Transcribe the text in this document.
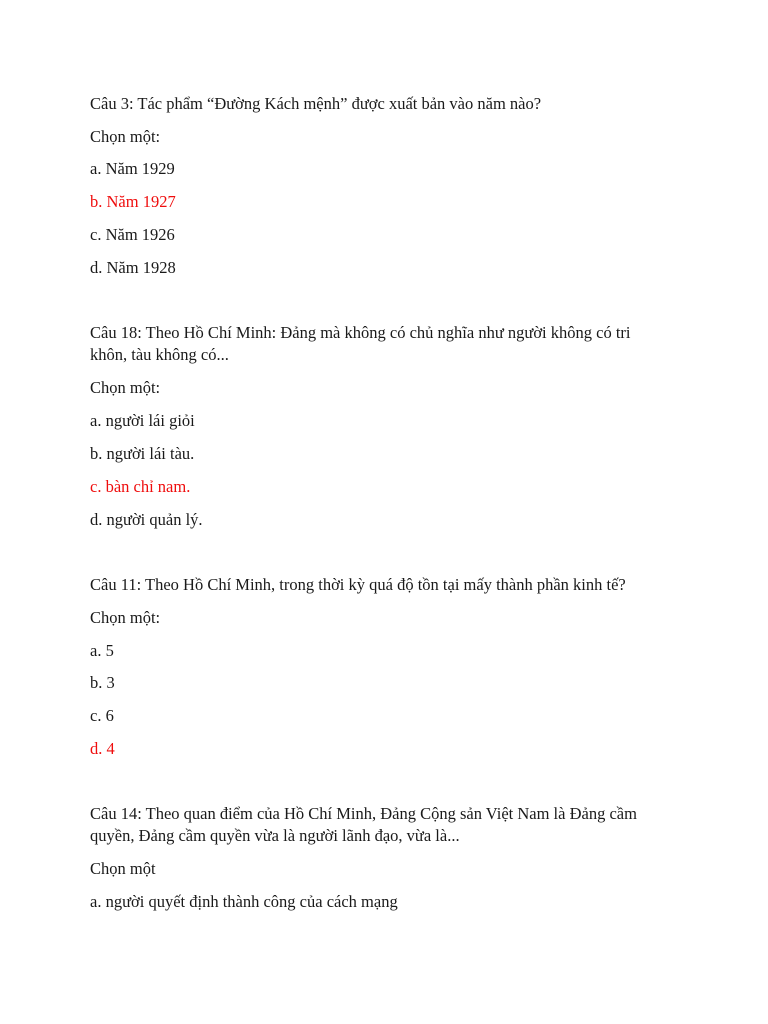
Câu 3: Tác phẩm “Đường Kách mệnh” được xuất bản vào năm nào?

Chọn một:

a. Năm 1929

b. Năm 1927

c. Năm 1926

d. Năm 1928

Câu 18: Theo Hồ Chí Minh: Đảng mà không có chủ nghĩa như người không có tri

khôn, tàu không có...

Chọn một:

a. người lái giỏi

b. người lái tàu.

c. bàn chỉ nam.

d. người quản lý.

Câu 11: Theo Hồ Chí Minh, trong thời kỳ quá độ tồn tại mấy thành phần kinh tế?

Chọn một:

a. 5

b. 3

c. 6

d. 4

Câu 14: Theo quan điểm của Hồ Chí Minh, Đảng Cộng sản Việt Nam là Đảng cầm

quyền, Đảng cầm quyền vừa là người lãnh đạo, vừa là...

Chọn một

a. người quyết định thành công của cách mạng
